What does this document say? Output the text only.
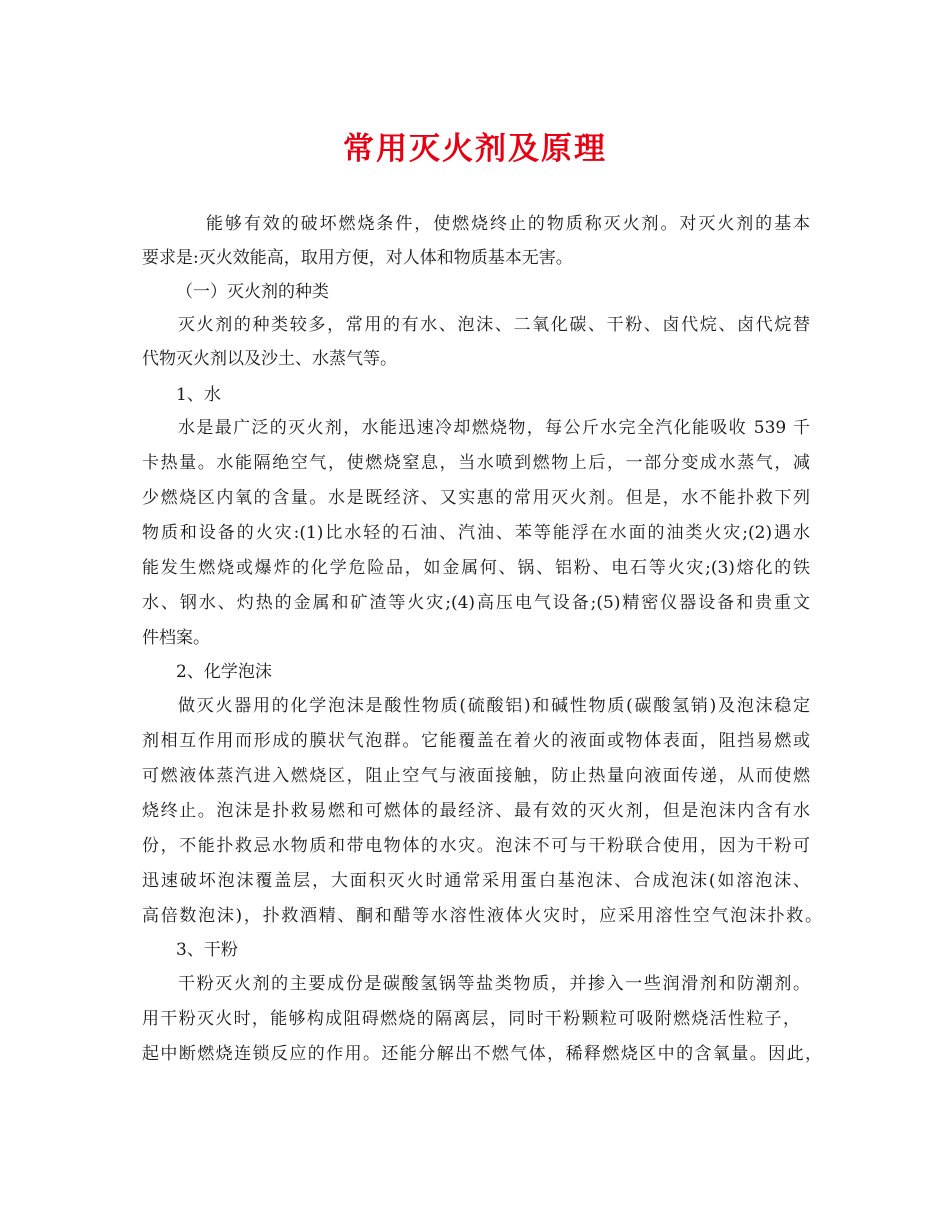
常用灭火剂及原理
能够有效的破坏燃烧条件，使燃烧终止的物质称灭火剂。对灭火剂的基本
要求是:灭火效能高，取用方便，对人体和物质基本无害。
（一）灭火剂的种类
灭火剂的种类较多，常用的有水、泡沫、二氧化碳、干粉、卤代烷、卤代烷替
代物灭火剂以及沙土、水蒸气等。
1、水
水是最广泛的灭火剂，水能迅速冷却燃烧物，每公斤水完全汽化能吸收 539 千
卡热量。水能隔绝空气，使燃烧窒息，当水喷到燃物上后，一部分变成水蒸气，减
少燃烧区内氧的含量。水是既经济、又实惠的常用灭火剂。但是，水不能扑救下列
物质和设备的火灾:(1)比水轻的石油、汽油、苯等能浮在水面的油类火灾;(2)遇水
能发生燃烧或爆炸的化学危险品，如金属何、锅、铝粉、电石等火灾;(3)熔化的铁
水、钢水、灼热的金属和矿渣等火灾;(4)高压电气设备;(5)精密仪器设备和贵重文
件档案。
2、化学泡沫
做灭火器用的化学泡沫是酸性物质(硫酸铝)和碱性物质(碳酸氢销)及泡沫稳定
剂相互作用而形成的膜状气泡群。它能覆盖在着火的液面或物体表面，阻挡易燃或
可燃液体蒸汽进入燃烧区，阻止空气与液面接触，防止热量向液面传递，从而使燃
烧终止。泡沫是扑救易燃和可燃体的最经济、最有效的灭火剂，但是泡沫内含有水
份，不能扑救忌水物质和带电物体的水灾。泡沫不可与干粉联合使用，因为干粉可
迅速破坏泡沫覆盖层，大面积灭火时通常采用蛋白基泡沫、合成泡沫(如溶泡沫、
高倍数泡沫)，扑救酒精、酮和醋等水溶性液体火灾时，应采用溶性空气泡沫扑救。
3、干粉
干粉灭火剂的主要成份是碳酸氢锅等盐类物质，并掺入一些润滑剂和防潮剂。
用干粉灭火时，能够构成阻碍燃烧的隔离层，同时干粉颗粒可吸附燃烧活性粒子，
起中断燃烧连锁反应的作用。还能分解出不燃气体，稀释燃烧区中的含氧量。因此，
